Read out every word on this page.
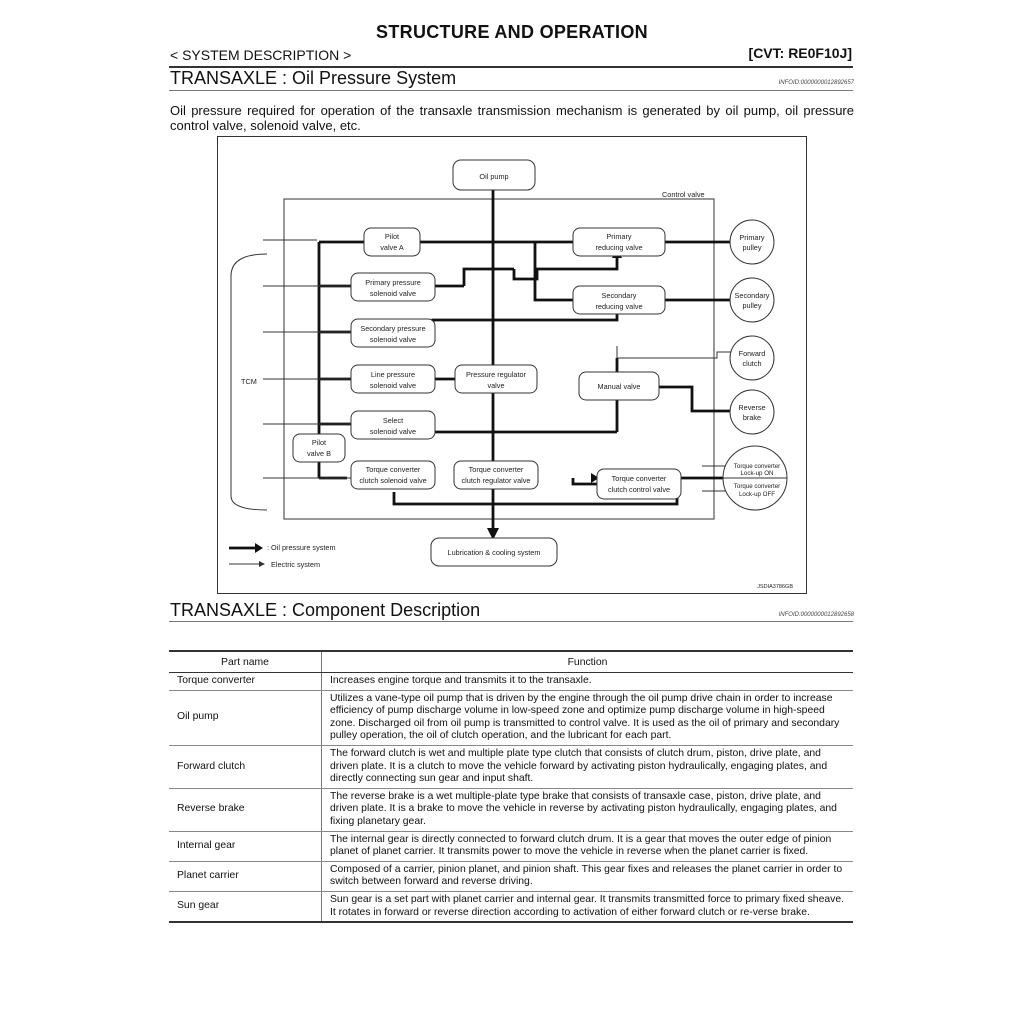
STRUCTURE AND OPERATION
< SYSTEM DESCRIPTION >	[CVT: RE0F10J]
TRANSAXLE : Oil Pressure System	INFOID:0000000012892657
Oil pressure required for operation of the transaxle transmission mechanism is generated by oil pump, oil pressure control valve, solenoid valve, etc.
Control valve
TCM
Oil pump
Pilot
valve A
Primary pressure
solenoid valve
Secondary pressure
solenoid valve
Line pressure
solenoid valve
Select
solenoid valve
Pilot
valve B
Torque converter
clutch solenoid valve
Pressure regulator
valve
Torque converter
clutch regulator valve
Primary
reducing valve
Secondary
reducing valve
Manual valve
Torque converter
clutch control valve
Primary
pulley
Secondary
pulley
Forward
clutch
Reverse
brake
Torque converter
Lock-up ON
Torque converter
Lock-up OFF
Lubrication & cooling system
: Oil pressure system
Electric system
JSDIA3786GB
TRANSAXLE : Component Description	INFOID:0000000012892658
Part name	Function
Torque converter	Increases engine torque and transmits it to the transaxle.
Oil pump	Utilizes a vane-type oil pump that is driven by the engine through the oil pump drive chain in order to increase efficiency of pump discharge volume in low-speed zone and optimize pump discharge volume in high-speed zone. Discharged oil from oil pump is transmitted to control valve. It is used as the oil of primary and secondary pulley operation, the oil of clutch operation, and the lubricant for each part.
Forward clutch	The forward clutch is wet and multiple plate type clutch that consists of clutch drum, piston, drive plate, and driven plate. It is a clutch to move the vehicle forward by activating piston hydraulically, engaging plates, and directly connecting sun gear and input shaft.
Reverse brake	The reverse brake is a wet multiple-plate type brake that consists of transaxle case, piston, drive plate, and driven plate. It is a brake to move the vehicle in reverse by activating piston hydraulically, engaging plates, and fixing planetary gear.
Internal gear	The internal gear is directly connected to forward clutch drum. It is a gear that moves the outer edge of pinion planet of planet carrier. It transmits power to move the vehicle in reverse when the planet carrier is fixed.
Planet carrier	Composed of a carrier, pinion planet, and pinion shaft. This gear fixes and releases the planet carrier in order to switch between forward and reverse driving.
Sun gear	Sun gear is a set part with planet carrier and internal gear. It transmits transmitted force to primary fixed sheave. It rotates in forward or reverse direction according to activation of either forward clutch or re-verse brake.
